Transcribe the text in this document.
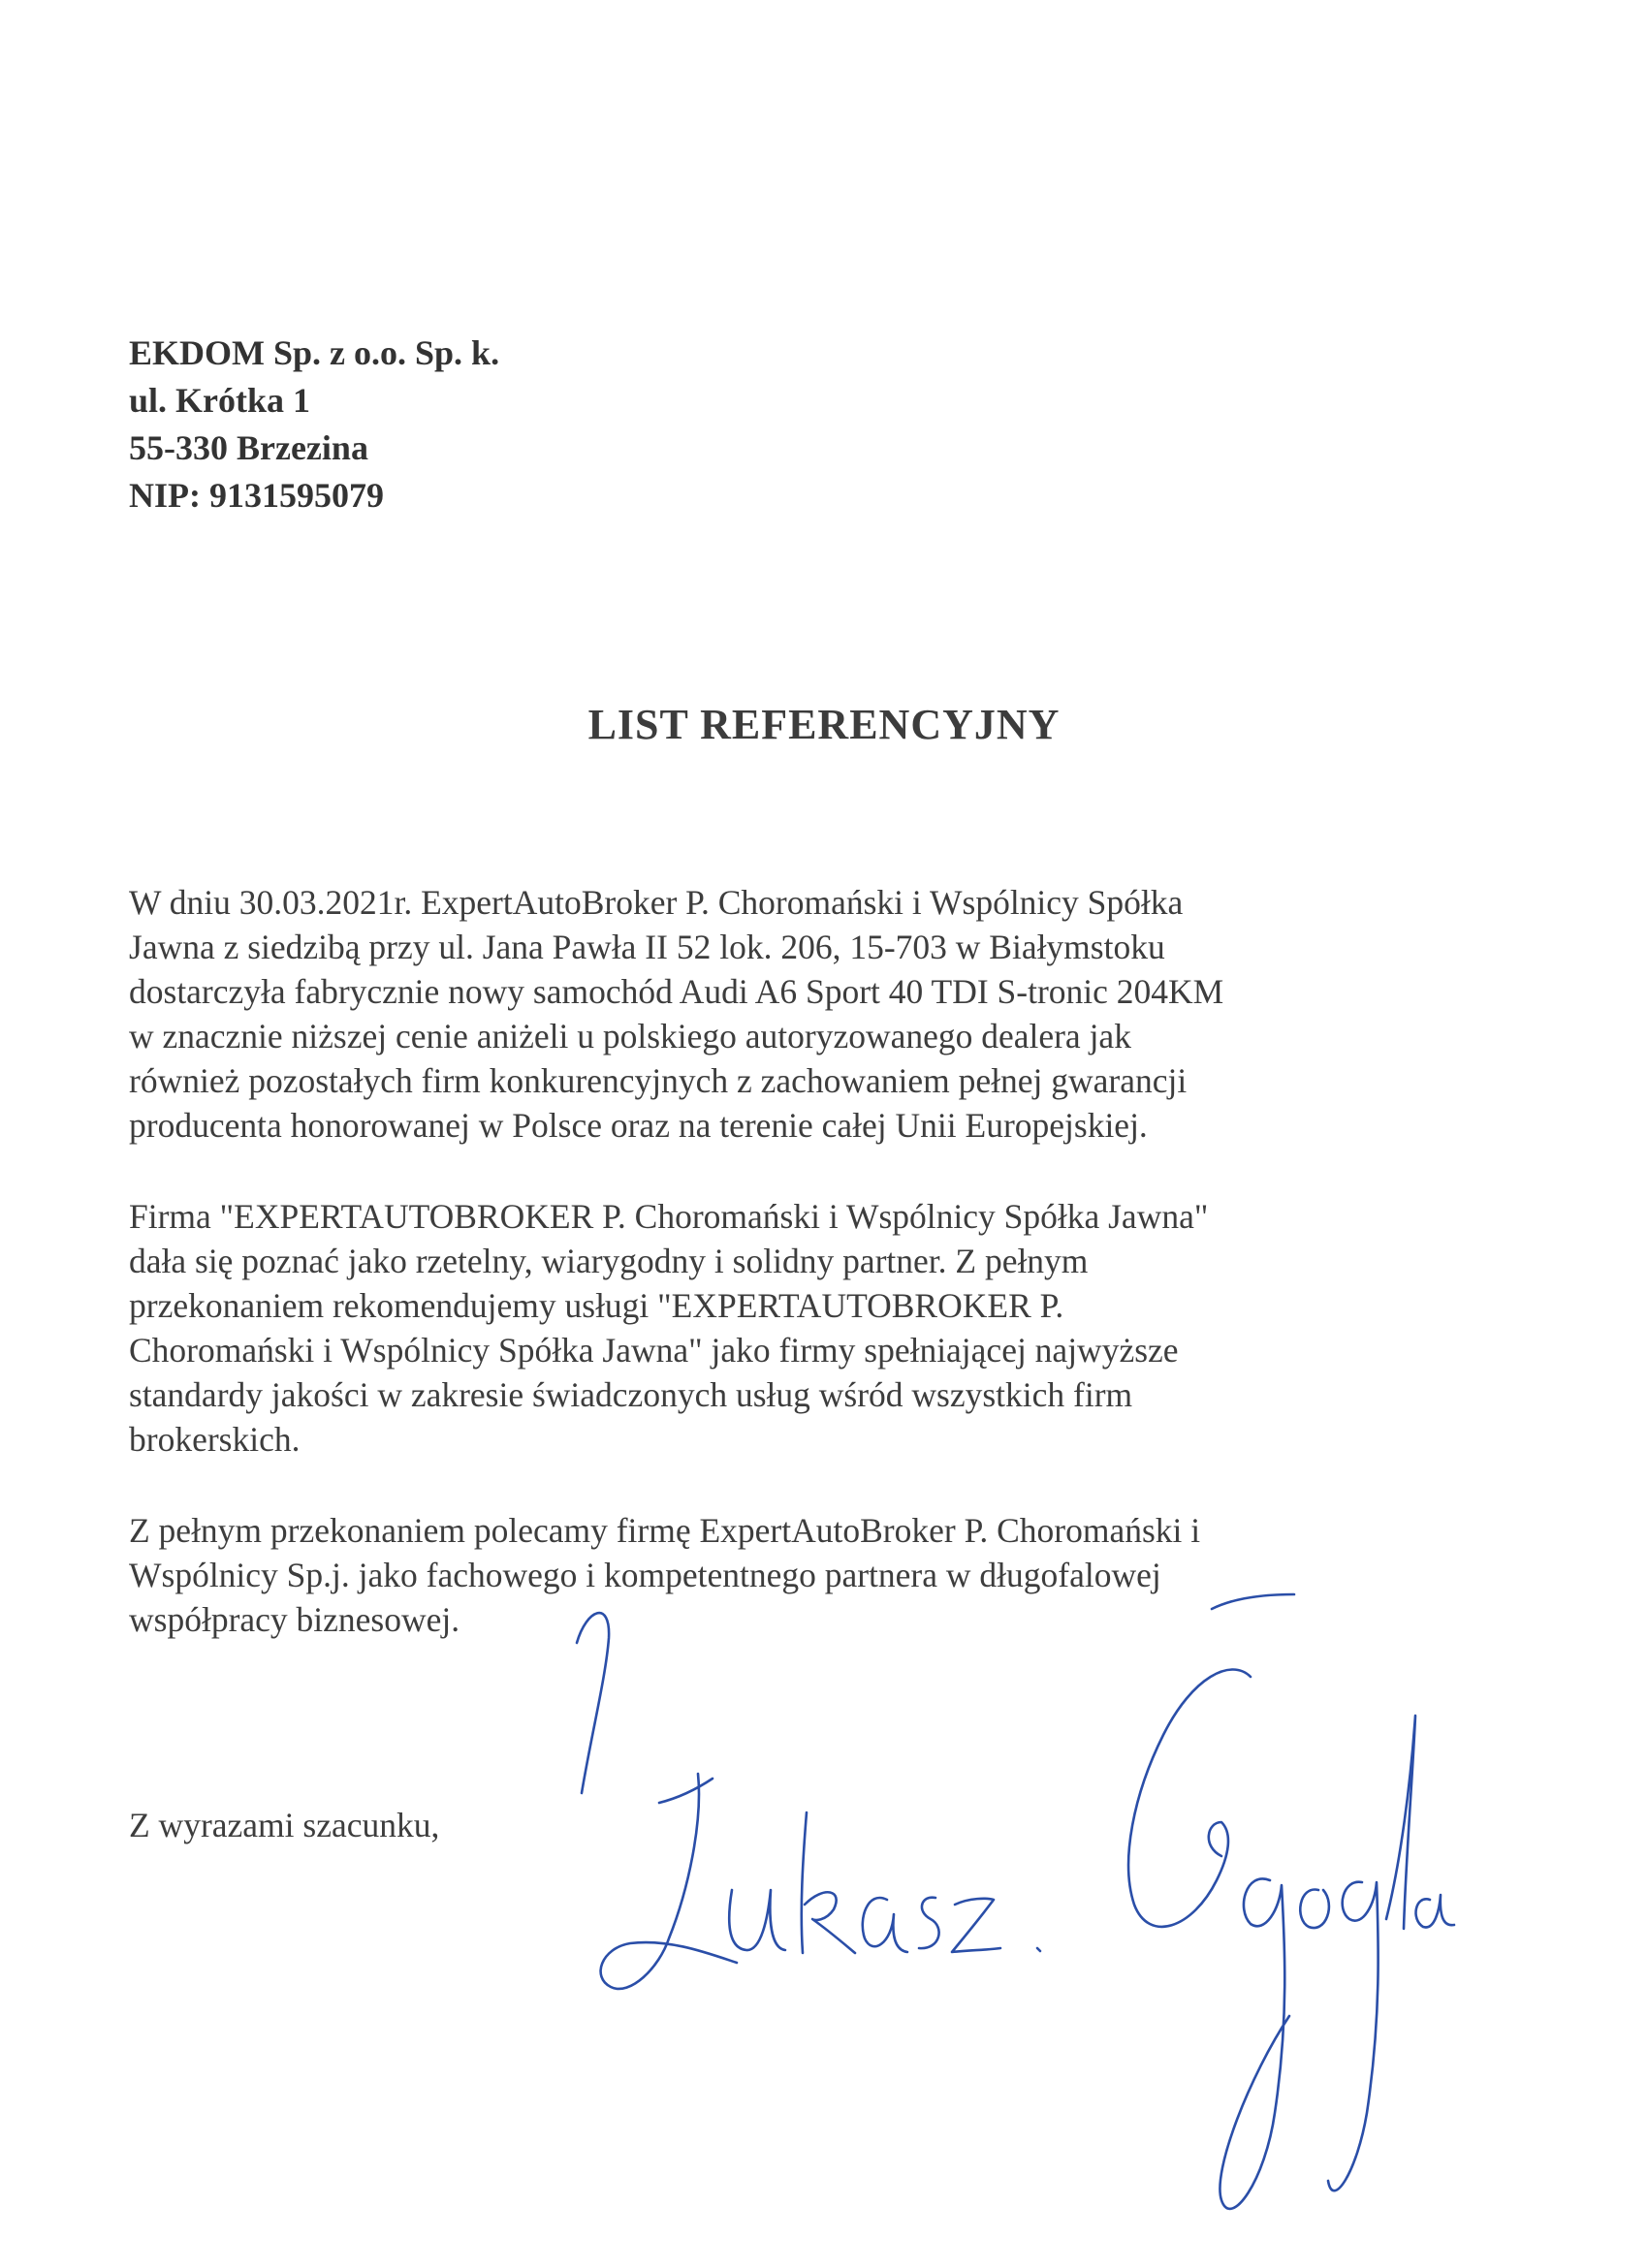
EKDOM Sp. z o.o. Sp. k.
ul. Krótka 1
55-330 Brzezina
NIP: 9131595079
LIST REFERENCYJNY
W dniu 30.03.2021r. ExpertAutoBroker P. Choromański i Wspólnicy Spółka
Jawna z siedzibą przy ul. Jana Pawła II 52 lok. 206, 15-703 w Białymstoku
dostarczyła fabrycznie nowy samochód Audi A6 Sport 40 TDI S-tronic 204KM
w znacznie niższej cenie aniżeli u polskiego autoryzowanego dealera jak
również pozostałych firm konkurencyjnych z zachowaniem pełnej gwarancji
producenta honorowanej w Polsce oraz na terenie całej Unii Europejskiej.
Firma "EXPERTAUTOBROKER P. Choromański i Wspólnicy Spółka Jawna"
dała się poznać jako rzetelny, wiarygodny i solidny partner. Z pełnym
przekonaniem rekomendujemy usługi "EXPERTAUTOBROKER P.
Choromański i Wspólnicy Spółka Jawna" jako firmy spełniającej najwyższe
standardy jakości w zakresie świadczonych usług wśród wszystkich firm
brokerskich.
Z pełnym przekonaniem polecamy firmę ExpertAutoBroker P. Choromański i
Wspólnicy Sp.j. jako fachowego i kompetentnego partnera w długofalowej
współpracy biznesowej.
Z wyrazami szacunku,
